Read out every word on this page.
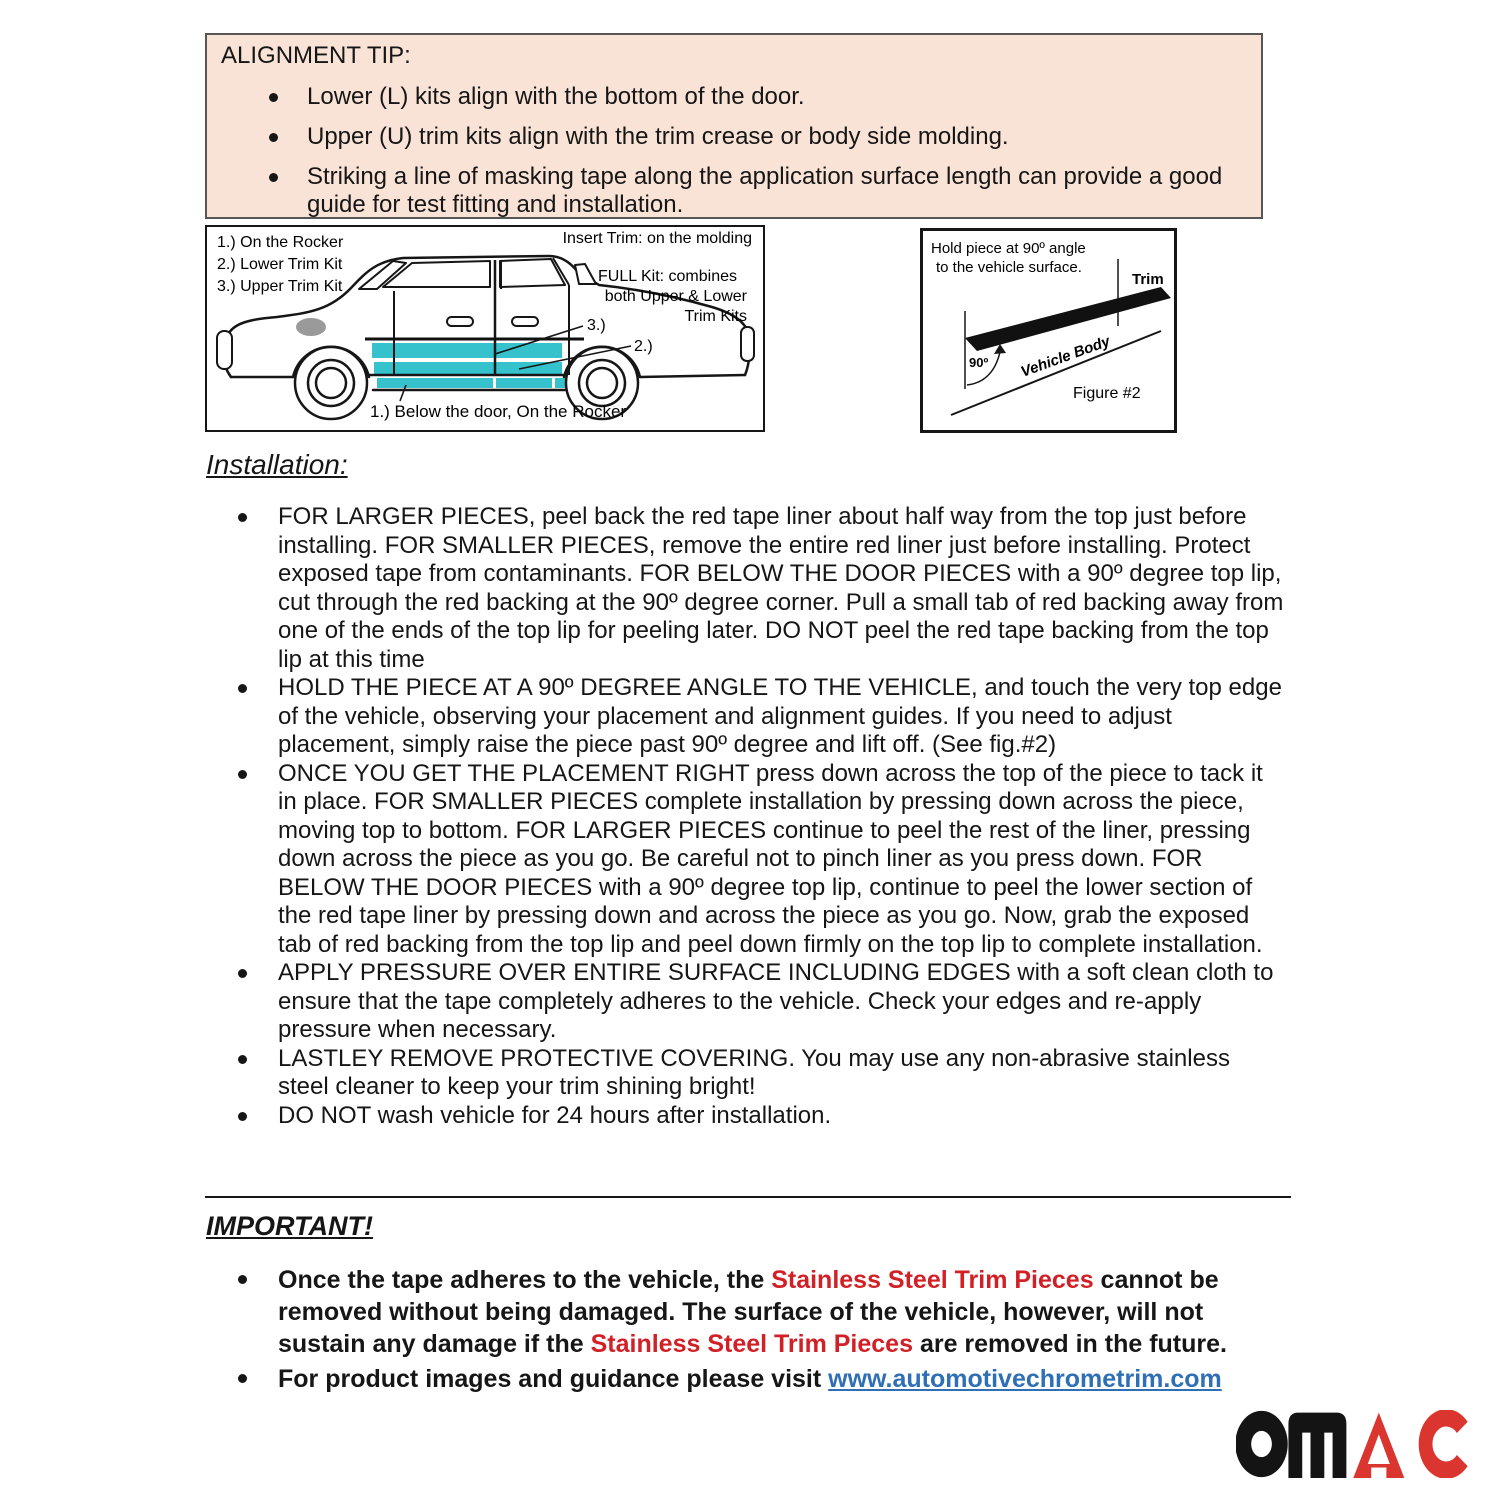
ALIGNMENT TIP:

Lower (L) kits align with the bottom of the door.
Upper (U) trim kits align with the trim crease or body side molding.
Striking a line of masking tape along the application surface length can provide a good guide for test fitting and installation.
1.) On the Rocker
2.) Lower Trim Kit
3.) Upper Trim Kit
Insert Trim: on the molding
FULL Kit: combines
both Upper & Lower
Trim Kits
3.)
2.)
1.) Below the door, On the Rocker
Hold piece at 90º angle
to the vehicle surface.
Trim
90º Vehicle Body
Figure #2
Installation:
FOR LARGER PIECES, peel back the red tape liner about half way from the top just before installing. FOR SMALLER PIECES, remove the entire red liner just before installing. Protect exposed tape from contaminants. FOR BELOW THE DOOR PIECES with a 90º degree top lip, cut through the red backing at the 90º degree corner. Pull a small tab of red backing away from one of the ends of the top lip for peeling later. DO NOT peel the red tape backing from the top lip at this time
HOLD THE PIECE AT A 90º DEGREE ANGLE TO THE VEHICLE, and touch the very top edge of the vehicle, observing your placement and alignment guides. If you need to adjust placement, simply raise the piece past 90º degree and lift off. (See fig.#2)
ONCE YOU GET THE PLACEMENT RIGHT press down across the top of the piece to tack it in place. FOR SMALLER PIECES complete installation by pressing down across the piece, moving top to bottom. FOR LARGER PIECES continue to peel the rest of the liner, pressing down across the piece as you go. Be careful not to pinch liner as you press down. FOR BELOW THE DOOR PIECES with a 90º degree top lip, continue to peel the lower section of the red tape liner by pressing down and across the piece as you go. Now, grab the exposed tab of red backing from the top lip and peel down firmly on the top lip to complete installation.
APPLY PRESSURE OVER ENTIRE SURFACE INCLUDING EDGES with a soft clean cloth to ensure that the tape completely adheres to the vehicle. Check your edges and re-apply pressure when necessary.
LASTLEY REMOVE PROTECTIVE COVERING. You may use any non-abrasive stainless steel cleaner to keep your trim shining bright!
DO NOT wash vehicle for 24 hours after installation.
IMPORTANT!
Once the tape adheres to the vehicle, the Stainless Steel Trim Pieces cannot be removed without being damaged. The surface of the vehicle, however, will not sustain any damage if the Stainless Steel Trim Pieces are removed in the future.
For product images and guidance please visit www.automotivechrometrim.com
